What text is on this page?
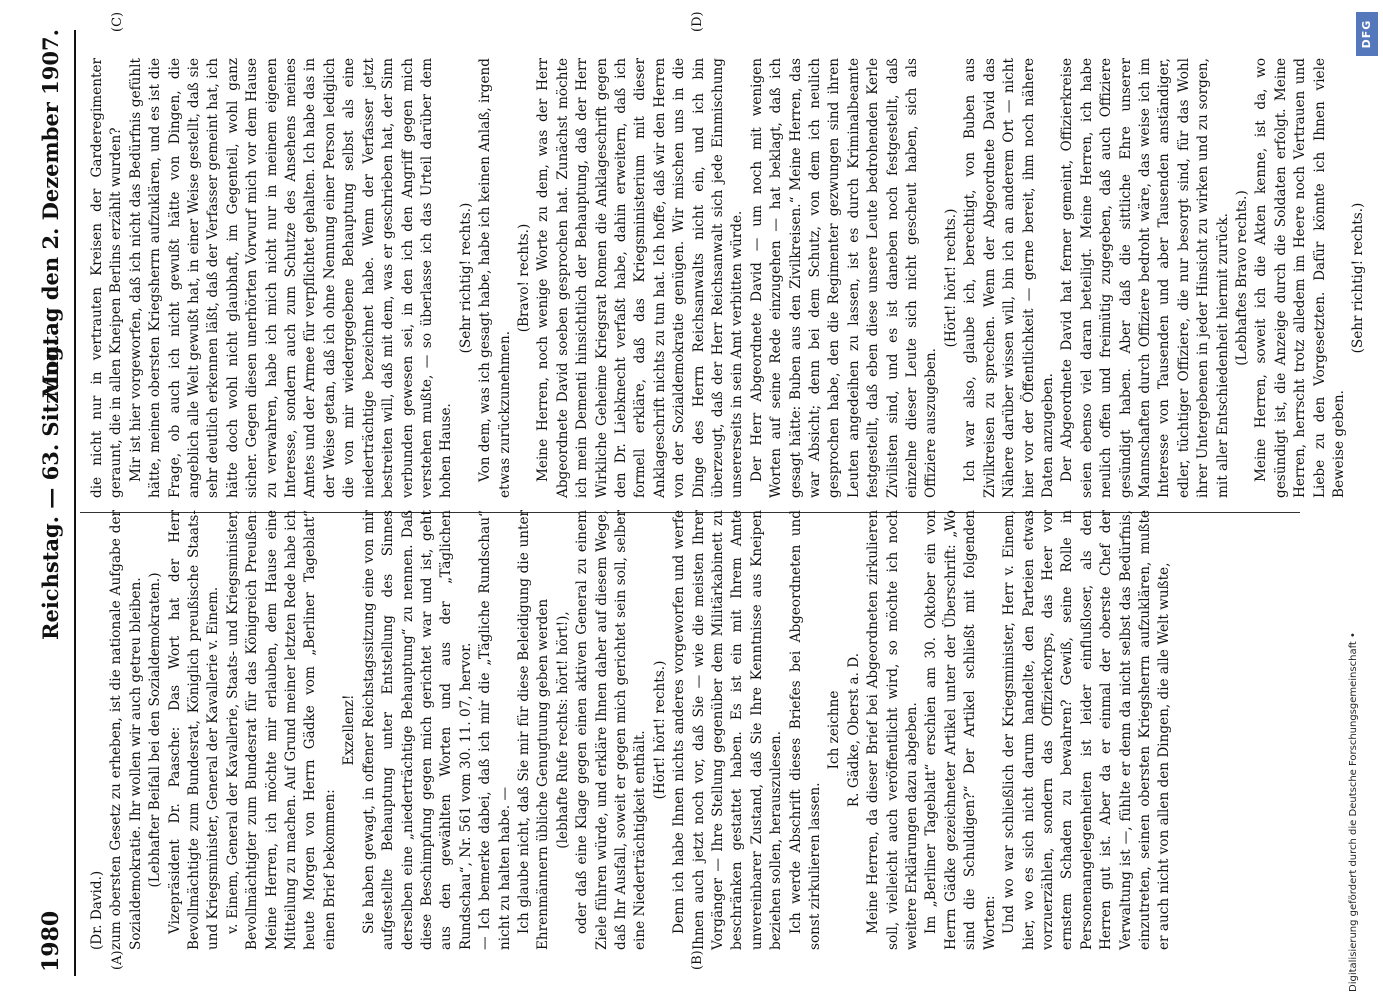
1980
Reichstag. — 63. Sitzung.
Montag den 2. Dezember 1907.
(A)	(B)
(C)	(D)

(Dr. David.) zum obersten Gesetz zu erheben, ist die nationale Aufgabe der Sozialdemokratie. Ihr wollen wir auch getreu bleiben. (Lebhafter Beifall bei den Sozialdemokraten.) Vizepräsident Dr. Paasche: Das Wort hat der Herr Bevollmächtigte zum Bundesrat, Königlich preußische Staats- und Kriegsminister, General der Kavallerie v. Einem. v. Einem, General der Kavallerie, Staats- und Kriegsminister, Bevollmächtigter zum Bundesrat für das Königreich Preußen: Meine Herren, ich möchte mir erlauben, dem Hause eine Mitteilung zu machen. Auf Grund meiner letzten Rede habe ich heute Morgen von Herrn Gädke vom „Berliner Tageblatt“ einen Brief bekommen:

Exzellenz! Sie haben gewagt, in offener Reichstagssitzung eine von mir aufgestellte Behauptung unter Entstellung des Sinnes derselben eine „niederträchtige Behauptung“ zu nennen. Daß diese Beschimpfung gegen mich gerichtet war und ist, geht aus den gewählten Worten und aus der „Täglichen Rundschau“, Nr. 561 vom 30. 11. 07, hervor. — Ich bemerke dabei, daß ich mir die „Tägliche Rundschau“ nicht zu halten habe. — Ich glaube nicht, daß Sie mir für diese Beleidigung die unter Ehrenmännern übliche Genugtuung geben werden (lebhafte Rufe rechts: hört! hört!), oder daß eine Klage gegen einen aktiven General zu einem Ziele führen würde, und erkläre Ihnen daher auf diesem Wege, daß Ihr Ausfall, soweit er gegen mich gerichtet sein soll, selber eine Niederträchtigkeit enthält.

(Hört! hört! rechts.) Denn ich habe Ihnen nichts anderes vorgeworfen und werfe Ihnen auch jetzt noch vor, daß Sie — wie die meisten Ihrer Vorgänger — Ihre Stellung gegenüber dem Militärkabinett zu beschränken gestattet haben. Es ist ein mit Ihrem Amte unvereinbarer Zustand, daß Sie Ihre Kenntnisse aus Kneipen beziehen sollen, herauszulesen. Ich werde Abschrift dieses Briefes bei Abgeordneten und sonst zirkulieren lassen.

Ich zeichne R. Gädke, Oberst a. D. Meine Herren, da dieser Brief bei Abgeordneten zirkulieren soll, vielleicht auch veröffentlicht wird, so möchte ich noch weitere Erklärungen dazu abgeben. Im „Berliner Tageblatt“ erschien am 30. Oktober ein von Herrn Gädke gezeichneter Artikel unter der Überschrift: „Wo sind die Schuldigen?“ Der Artikel schließt mit folgenden Worten: Und wo war schließlich der Kriegsminister, Herr v. Einem, hier, wo es sich nicht darum handelte, den Parteien etwas vorzuerzählen, sondern das Offizierkorps, das Heer vor ernstem Schaden zu bewahren? Gewiß, seine Rolle in Personenangelegenheiten ist leider einflußloser, als den Herren gut ist. Aber da er einmal der oberste Chef der Verwaltung ist —, fühlte er denn da nicht selbst das Bedürfnis, einzutreten, seinen obersten Kriegsherrn aufzuklären, mußte er auch nicht von allen den Dingen, die alle Welt wußte,

die nicht nur in vertrauten Kreisen der Garderegimenter geraunt, die in allen Kneipen Berlins erzählt wurden? Mir ist hier vorgeworfen, daß ich nicht das Bedürfnis gefühlt hätte, meinen obersten Kriegsherrn aufzuklären, und es ist die Frage, ob auch ich nicht gewußt hätte von Dingen, die angeblich alle Welt gewußt hat, in einer Weise gestellt, daß sie sehr deutlich erkennen läßt, daß der Verfasser gemeint hat, ich hätte doch wohl nicht glaubhaft, im Gegenteil, wohl ganz sicher. Gegen diesen unerhörten Vorwurf mich vor dem Hause zu verwahren, habe ich mich nicht nur in meinem eigenen Interesse, sondern auch zum Schutze des Ansehens meines Amtes und der Armee für verpflichtet gehalten. Ich habe das in der Weise getan, daß ich ohne Nennung einer Person lediglich die von mir wiedergegebene Behauptung selbst als eine niederträchtige bezeichnet habe. Wenn der Verfasser jetzt bestreiten will, daß mit dem, was er geschrieben hat, der Sinn verbunden gewesen sei, in den ich den Angriff gegen mich verstehen mußte, — so überlasse ich das Urteil darüber dem hohen Hause.

(Sehr richtig! rechts.) Von dem, was ich gesagt habe, habe ich keinen Anlaß, irgend etwas zurückzunehmen.

(Bravo! rechts.) Meine Herren, noch wenige Worte zu dem, was der Herr Abgeordnete David soeben gesprochen hat. Zunächst möchte ich mein Dementi hinsichtlich der Behauptung, daß der Herr Wirkliche Geheime Kriegsrat Romen die Anklageschrift gegen den Dr. Liebknecht verfaßt habe, dahin erweitern, daß ich formell erkläre, daß das Kriegsministerium mit dieser Anklageschrift nichts zu tun hat. Ich hoffe, daß wir den Herren von der Sozialdemokratie genügen. Wir mischen uns in die Dinge des Herrn Reichsanwalts nicht ein, und ich bin überzeugt, daß der Herr Reichsanwalt sich jede Einmischung unsererseits in sein Amt verbitten würde. Der Herr Abgeordnete David — um noch mit wenigen Worten auf seine Rede einzugehen — hat beklagt, daß ich gesagt hätte: Buben aus den Zivilkreisen.“ Meine Herren, das war Absicht; denn bei dem Schutz, von dem ich neulich gesprochen habe, den die Regimenter gezwungen sind ihren Leuten angedeihen zu lassen, ist es durch Kriminalbeamte festgestellt, daß eben diese unsere Leute bedrohenden Kerle Zivilisten sind, und es ist daneben noch festgestellt, daß einzelne dieser Leute sich nicht gescheut haben, sich als Offiziere auszugeben.

(Hört! hört! rechts.) Ich war also, glaube ich, berechtigt, von Buben aus Zivilkreisen zu sprechen. Wenn der Abgeordnete David das Nähere darüber wissen will, bin ich an anderem Ort — nicht hier vor der Öffentlichkeit — gerne bereit, ihm noch nähere Daten anzugeben. Der Abgeordnete David hat ferner gemeint, Offizierkreise seien ebenso viel daran beteiligt. Meine Herren, ich habe neulich offen und freimütig zugegeben, daß auch Offiziere gesündigt haben. Aber daß die sittliche Ehre unserer Mannschaften durch Offiziere bedroht wäre, das weise ich im Interesse von Tausenden und aber Tausenden anständiger, edler, tüchtiger Offiziere, die nur besorgt sind, für das Wohl ihrer Untergebenen in jeder Hinsicht zu wirken und zu sorgen, mit aller Entschiedenheit hiermit zurück. (Lebhaftes Bravo rechts.) Meine Herren, soweit ich die Akten kenne, ist da, wo gesündigt ist, die Anzeige durch die Soldaten erfolgt. Meine Herren, herrscht trotz alledem im Heere noch Vertrauen und Liebe zu den Vorgesetzten. Dafür könnte ich Ihnen viele Beweise geben.

(Sehr richtig! rechts.)

Digitalisierung gefördert durch die Deutsche Forschungsgemeinschaft •
DFG
